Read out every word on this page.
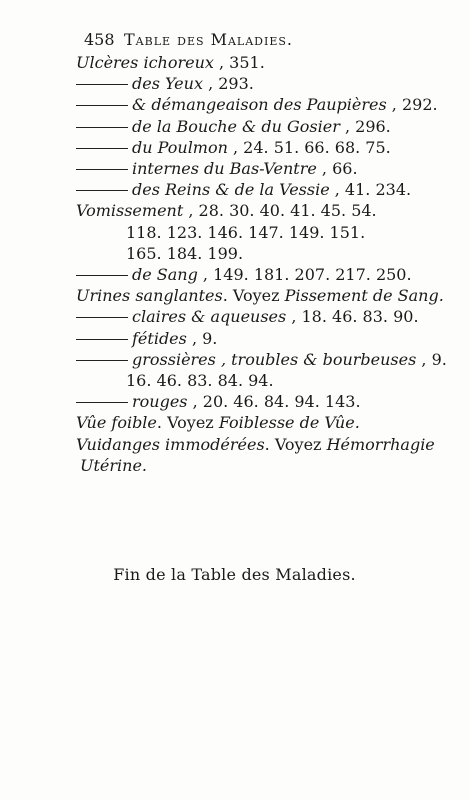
458 Table des Maladies.
Ulcères ichoreux , 351.
des Yeux , 293.
& démangeaison des Paupières , 292.
de la Bouche & du Gosier , 296.
du Poulmon , 24. 51. 66. 68. 75.
internes du Bas-Ventre , 66.
des Reins & de la Vessie , 41. 234.
Vomissement , 28. 30. 40. 41. 45. 54.
118. 123. 146. 147. 149. 151.
165. 184. 199.
de Sang , 149. 181. 207. 217. 250.
Urines sanglantes. Voyez Pissement de Sang.
claires & aqueuses , 18. 46. 83. 90.
fétides , 9.
grossières , troubles & bourbeuses , 9.
16. 46. 83. 84. 94.
rouges , 20. 46. 84. 94. 143.
Vûe foible. Voyez Foiblesse de Vûe.
Vuidanges immodérées. Voyez Hémorrhagie
Utérine.
Fin de la Table des Maladies.
